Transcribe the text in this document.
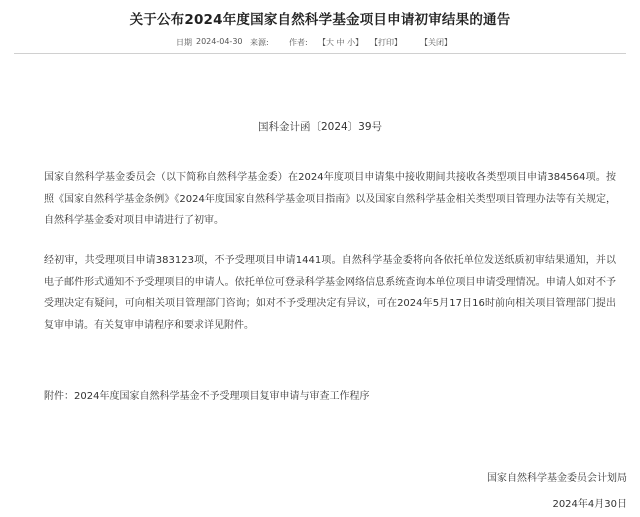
关于公布2024年度国家自然科学基金项目申请初审结果的通告
日期 2024-04-30 来源:	作者: 【大 中 小】 【打印】 【关闭】
国科金计函〔2024〕39号

国家自然科学基金委员会（以下简称自然科学基金委）在2024年度项目申请集中接收期间共接收各类型项目申请384564项。按照《国家自然科学基金条例》《2024年度国家自然科学基金项目指南》以及国家自然科学基金相关类型项目管理办法等有关规定，自然科学基金委对项目申请进行了初审。

经初审，共受理项目申请383123项，不予受理项目申请1441项。自然科学基金委将向各依托单位发送纸质初审结果通知，并以电子邮件形式通知不予受理项目的申请人。依托单位可登录科学基金网络信息系统查询本单位项目申请受理情况。申请人如对不予受理决定有疑问，可向相关项目管理部门咨询；如对不予受理决定有异议，可在2024年5月17日16时前向相关项目管理部门提出复审申请。有关复审申请程序和要求详见附件。

附件：2024年度国家自然科学基金不予受理项目复审申请与审查工作程序

国家自然科学基金委员会计划局
2024年4月30日
